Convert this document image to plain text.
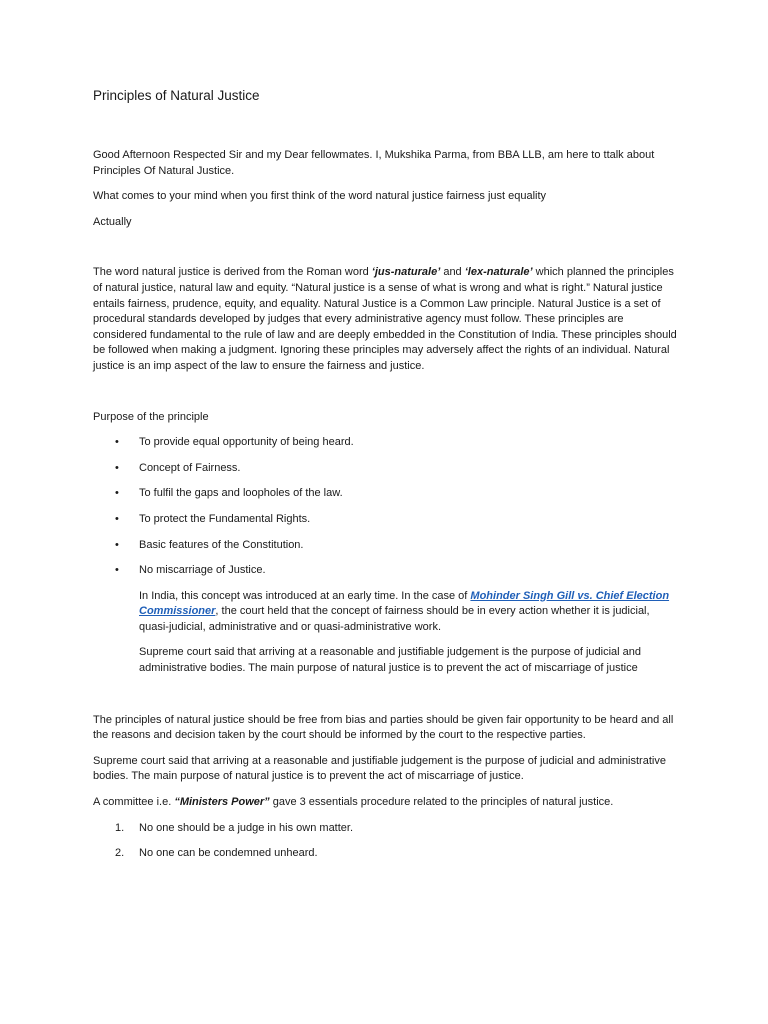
Principles of Natural Justice

Good Afternoon Respected Sir and my Dear fellowmates. I, Mukshika Parma, from BBA LLB, am here to ttalk about Principles Of Natural Justice.

What comes to your mind when you first think of the word natural justice fairness just equality

Actually

The word natural justice is derived from the Roman word ‘jus-naturale’ and ‘lex-naturale’ which planned the principles of natural justice, natural law and equity. “Natural justice is a sense of what is wrong and what is right.” Natural justice entails fairness, prudence, equity, and equality. Natural Justice is a Common Law principle. Natural Justice is a set of procedural standards developed by judges that every administrative agency must follow. These principles are considered fundamental to the rule of law and are deeply embedded in the Constitution of India. These principles should be followed when making a judgment. Ignoring these principles may adversely affect the rights of an individual. Natural justice is an imp aspect of the law to ensure the fairness and justice.

Purpose of the principle

• To provide equal opportunity of being heard.
• Concept of Fairness.
• To fulfil the gaps and loopholes of the law.
• To protect the Fundamental Rights.
• Basic features of the Constitution.
• No miscarriage of Justice.

In India, this concept was introduced at an early time. In the case of Mohinder Singh Gill vs. Chief Election Commissioner, the court held that the concept of fairness should be in every action whether it is judicial, quasi-judicial, administrative and or quasi-administrative work.

Supreme court said that arriving at a reasonable and justifiable judgement is the purpose of judicial and administrative bodies. The main purpose of natural justice is to prevent the act of miscarriage of justice

The principles of natural justice should be free from bias and parties should be given fair opportunity to be heard and all the reasons and decision taken by the court should be informed by the court to the respective parties.

Supreme court said that arriving at a reasonable and justifiable judgement is the purpose of judicial and administrative bodies. The main purpose of natural justice is to prevent the act of miscarriage of justice.

A committee i.e. “Ministers Power” gave 3 essentials procedure related to the principles of natural justice.

1. No one should be a judge in his own matter.
2. No one can be condemned unheard.
